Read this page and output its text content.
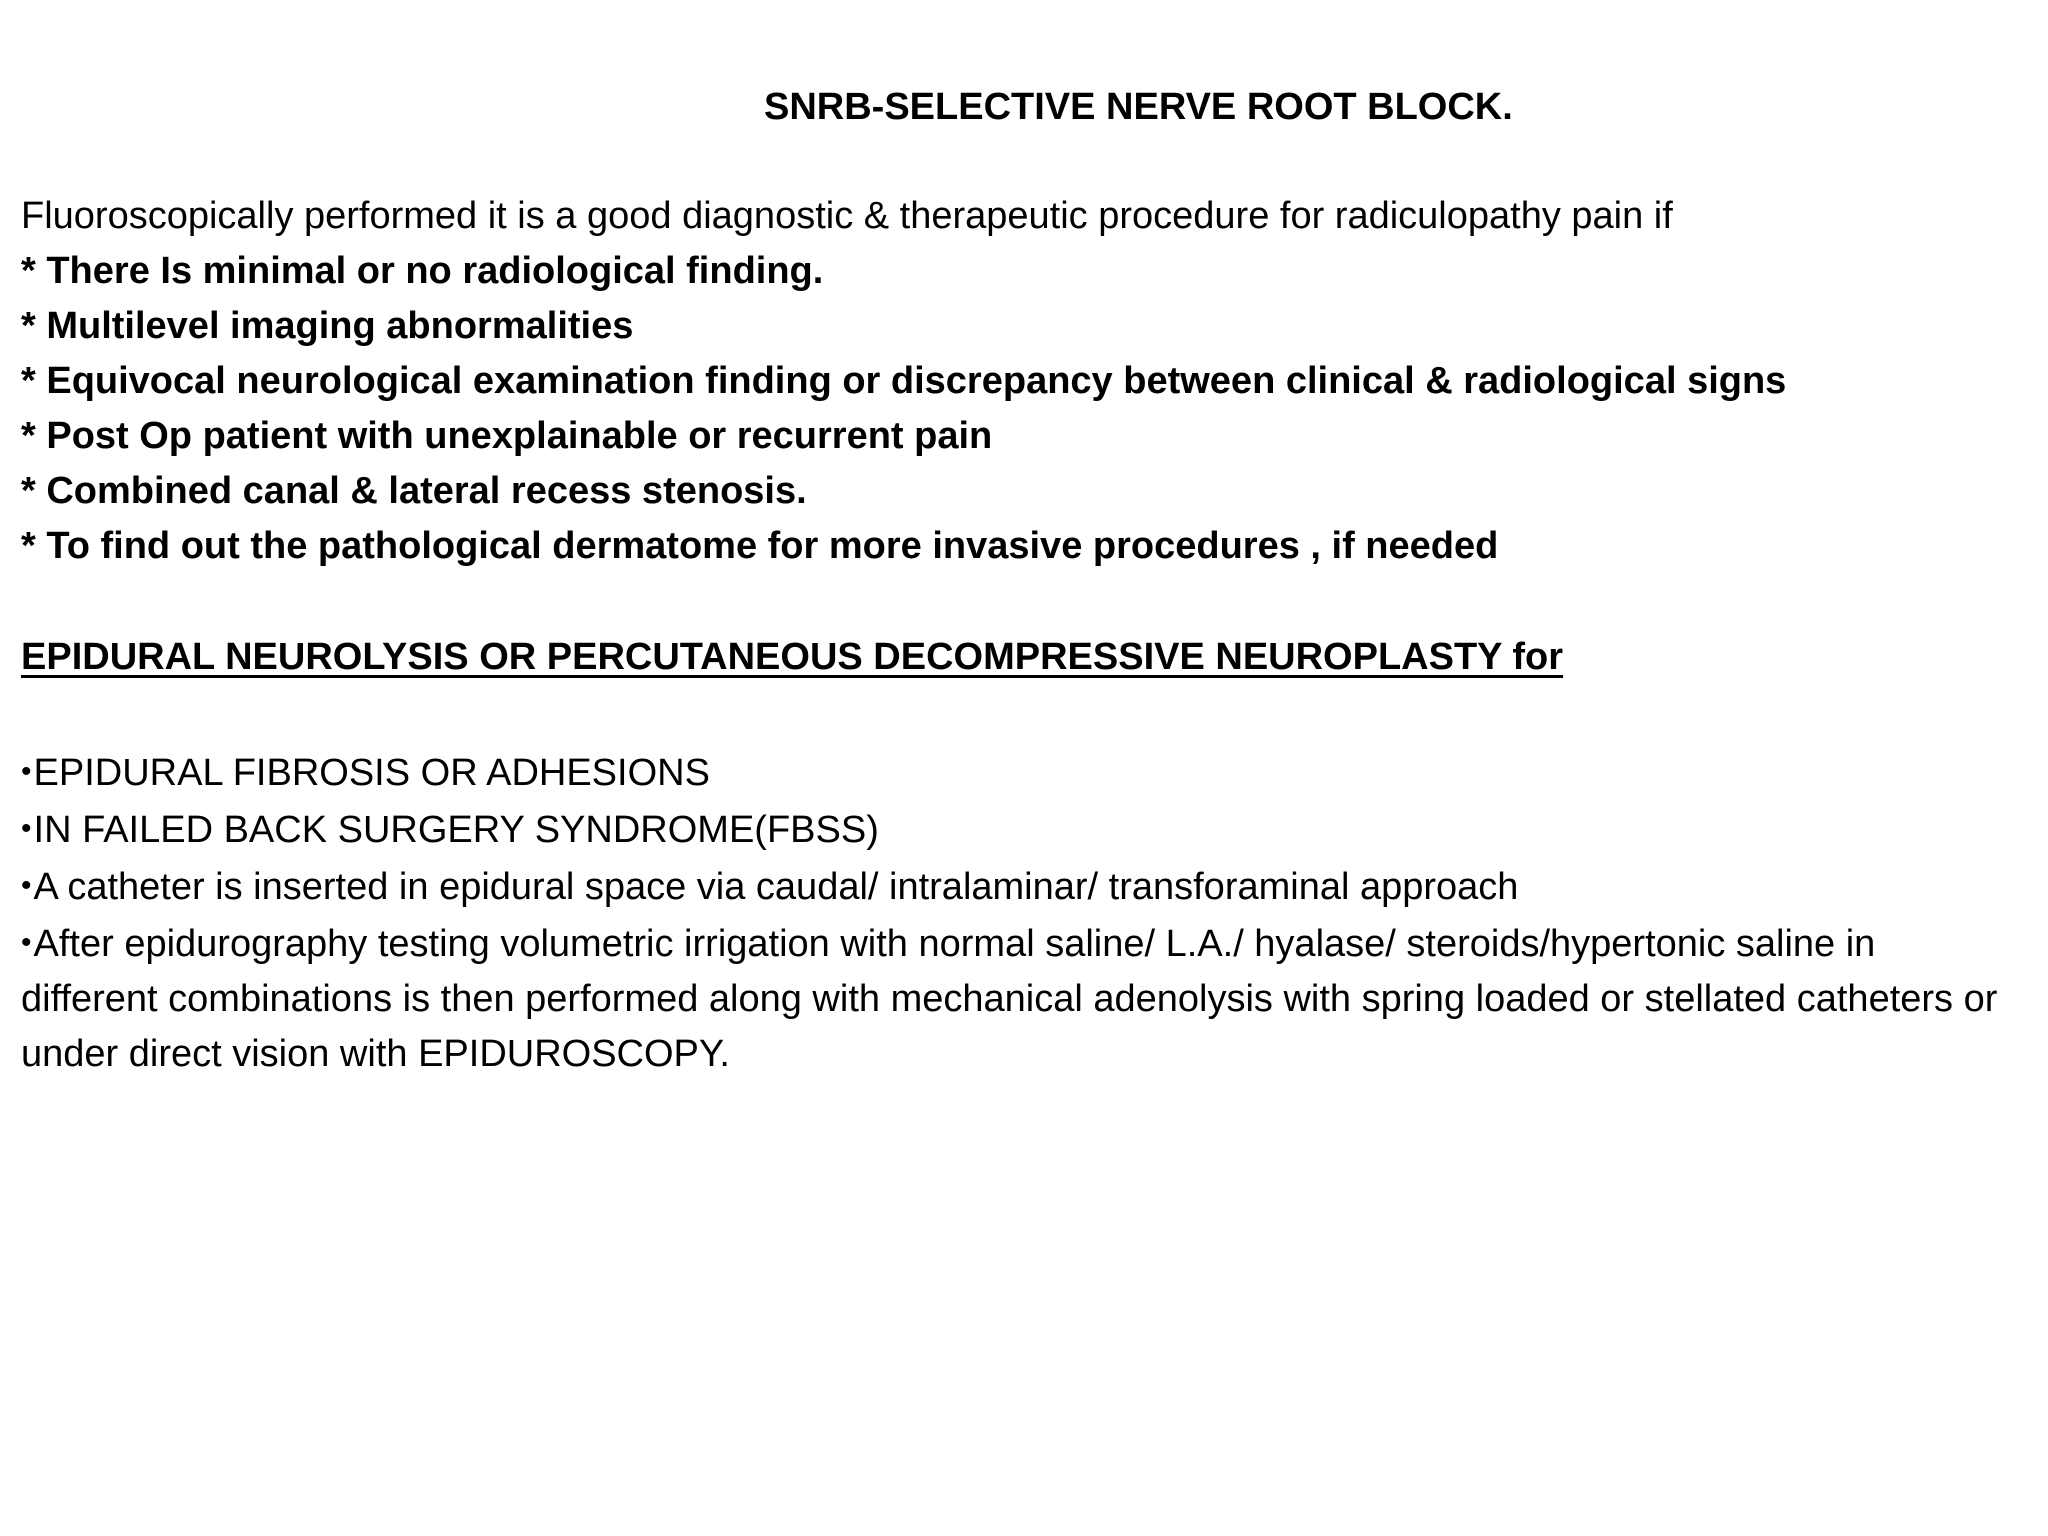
SNRB-SELECTIVE NERVE ROOT BLOCK.
Fluoroscopically performed it is a good diagnostic & therapeutic procedure for radiculopathy pain if
* There Is minimal or no radiological finding.
* Multilevel imaging abnormalities
* Equivocal neurological examination finding or discrepancy between clinical & radiological signs
* Post Op patient with unexplainable or recurrent pain
* Combined canal & lateral recess stenosis.
* To find out the pathological dermatome for more invasive procedures , if needed
EPIDURAL NEUROLYSIS OR PERCUTANEOUS DECOMPRESSIVE NEUROPLASTY for
•EPIDURAL FIBROSIS OR ADHESIONS
•IN FAILED BACK SURGERY SYNDROME(FBSS)
•A catheter is inserted in epidural space via caudal/ intralaminar/ transforaminal approach
•After epidurography testing volumetric irrigation with normal saline/ L.A./ hyalase/ steroids/hypertonic saline in different combinations is then performed along with mechanical adenolysis with spring loaded or stellated catheters or under direct vision with EPIDUROSCOPY.
